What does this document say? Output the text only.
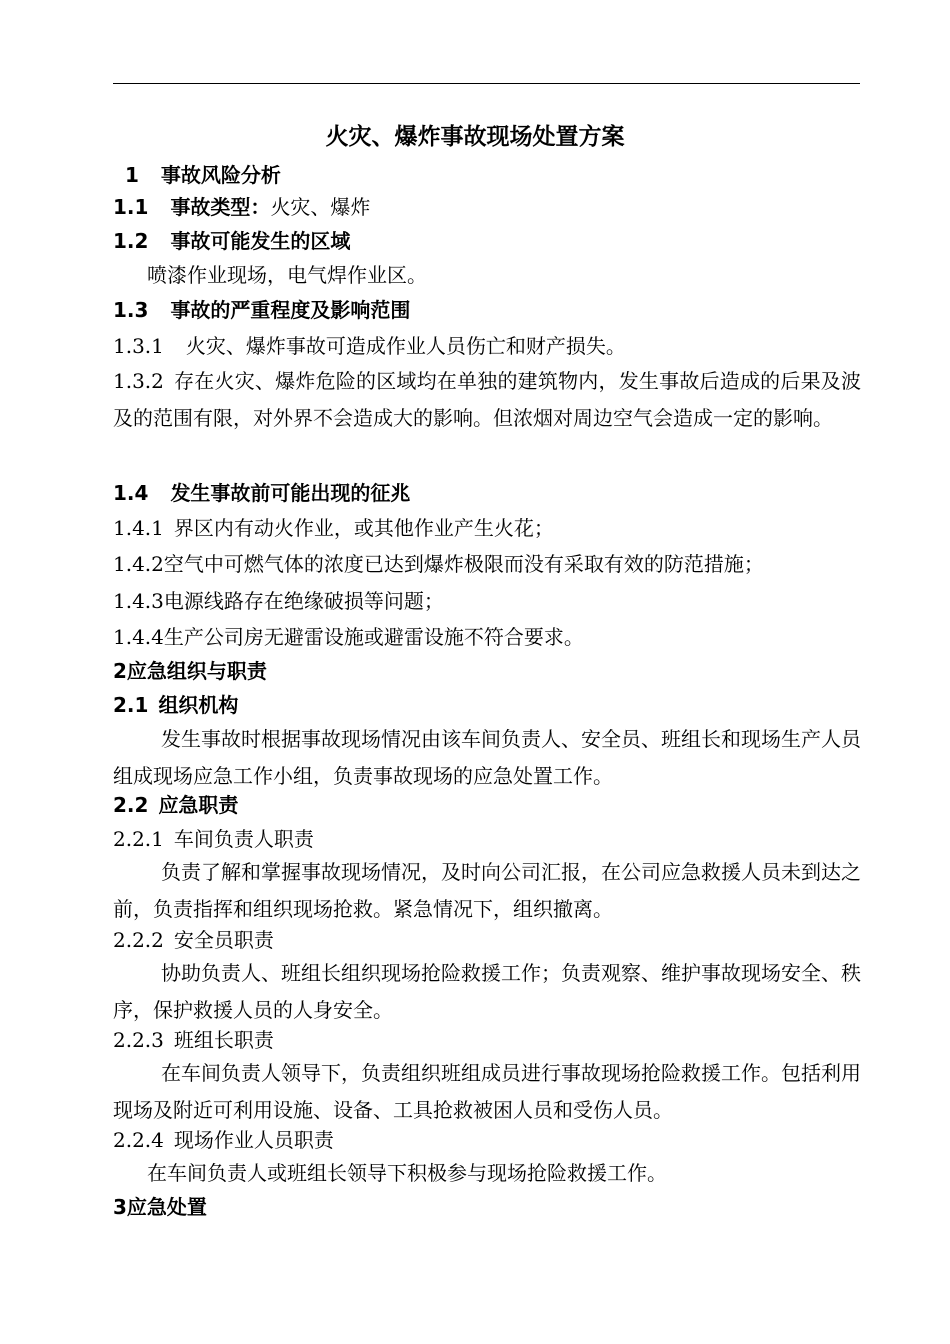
火灾、爆炸事故现场处置方案
1 事故风险分析
1.1 事故类型：火灾、爆炸
1.2 事故可能发生的区域
喷漆作业现场，电气焊作业区。
1.3 事故的严重程度及影响范围
1.3.1 火灾、爆炸事故可造成作业人员伤亡和财产损失。
1.3.2 存在火灾、爆炸危险的区域均在单独的建筑物内，发生事故后造成的后果及波及的范围有限，对外界不会造成大的影响。但浓烟对周边空气会造成一定的影响。
1.4 发生事故前可能出现的征兆
1.4.1 界区内有动火作业，或其他作业产生火花；
1.4.2空气中可燃气体的浓度已达到爆炸极限而没有采取有效的防范措施；
1.4.3电源线路存在绝缘破损等问题；
1.4.4生产公司房无避雷设施或避雷设施不符合要求。
2应急组织与职责
2.1 组织机构
发生事故时根据事故现场情况由该车间负责人、安全员、班组长和现场生产人员组成现场应急工作小组，负责事故现场的应急处置工作。
2.2 应急职责
2.2.1 车间负责人职责
负责了解和掌握事故现场情况，及时向公司汇报，在公司应急救援人员未到达之前，负责指挥和组织现场抢救。紧急情况下，组织撤离。
2.2.2 安全员职责
协助负责人、班组长组织现场抢险救援工作；负责观察、维护事故现场安全、秩序，保护救援人员的人身安全。
2.2.3 班组长职责
在车间负责人领导下，负责组织班组成员进行事故现场抢险救援工作。包括利用现场及附近可利用设施、设备、工具抢救被困人员和受伤人员。
2.2.4 现场作业人员职责
在车间负责人或班组长领导下积极参与现场抢险救援工作。
3应急处置
